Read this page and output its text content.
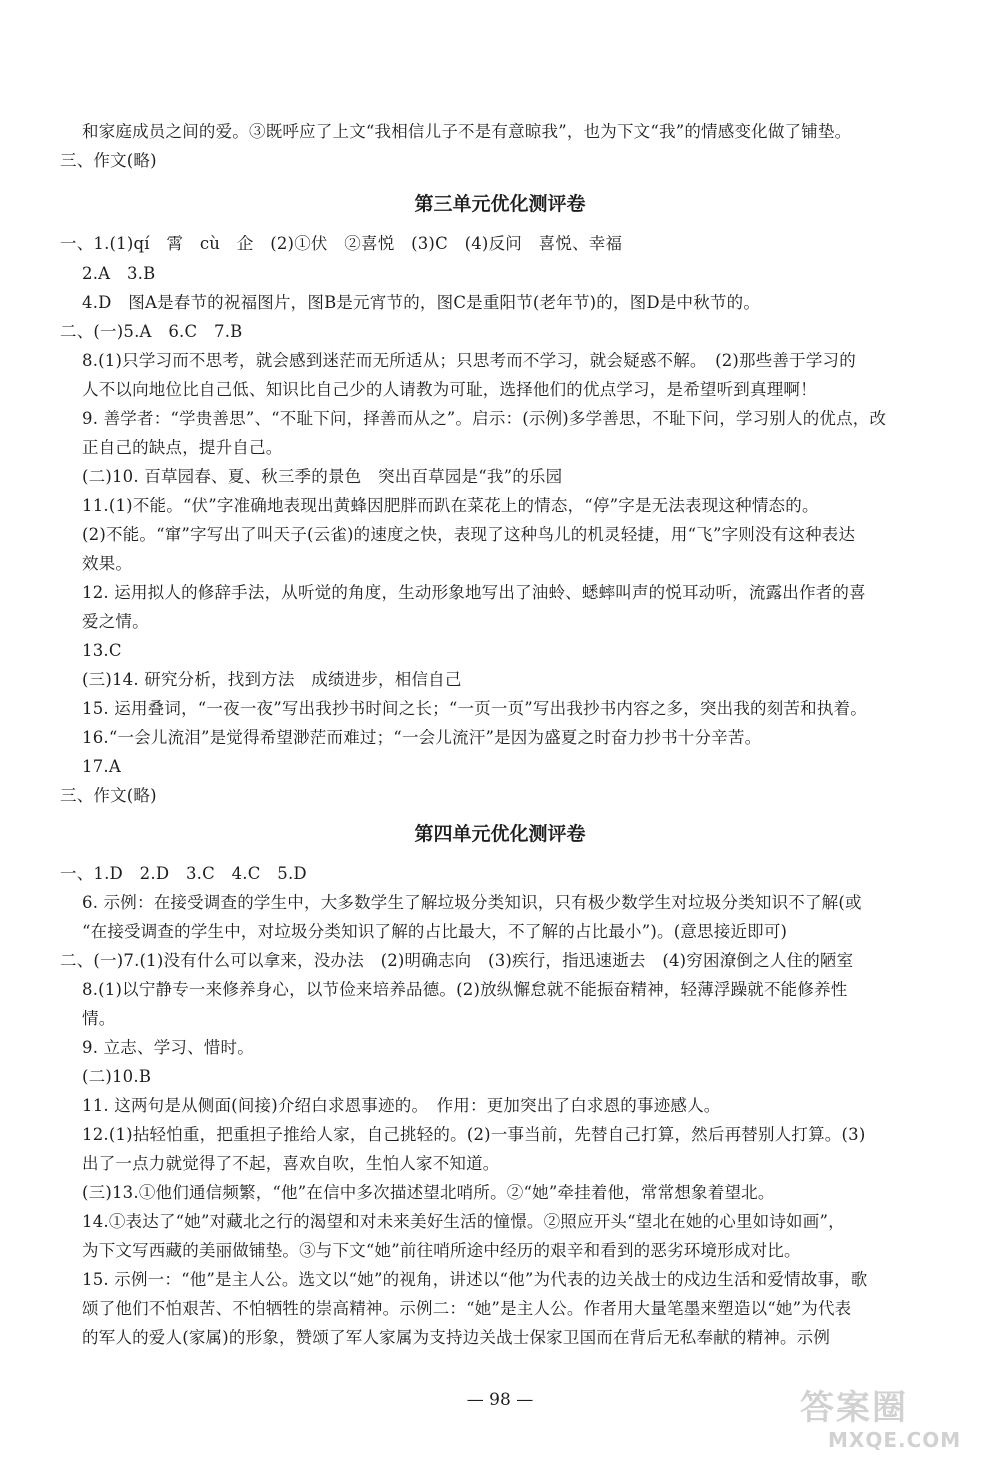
和家庭成员之间的爱。③既呼应了上文“我相信儿子不是有意晾我”，也为下文“我”的情感变化做了铺垫。
三、作文(略)
第三单元优化测评卷
一、1.(1)qí　霄　cù　企　(2)①伏　②喜悦　(3)C　(4)反问　喜悦、幸福
2.A　3.B
4.D　图A是春节的祝福图片，图B是元宵节的，图C是重阳节(老年节)的，图D是中秋节的。
二、(一)5.A　6.C　7.B
8.(1)只学习而不思考，就会感到迷茫而无所适从；只思考而不学习，就会疑惑不解。　(2)那些善于学习的
人不以向地位比自己低、知识比自己少的人请教为可耻，选择他们的优点学习，是希望听到真理啊！
9. 善学者：“学贵善思”、“不耻下问，择善而从之”。启示：(示例)多学善思，不耻下问，学习别人的优点，改
正自己的缺点，提升自己。
(二)10. 百草园春、夏、秋三季的景色　突出百草园是“我”的乐园
11.(1)不能。“伏”字准确地表现出黄蜂因肥胖而趴在菜花上的情态，“停”字是无法表现这种情态的。
(2)不能。“窜”字写出了叫天子(云雀)的速度之快，表现了这种鸟儿的机灵轻捷，用“飞”字则没有这种表达
效果。
12. 运用拟人的修辞手法，从听觉的角度，生动形象地写出了油蛉、蟋蟀叫声的悦耳动听，流露出作者的喜
爱之情。
13.C
(三)14. 研究分析，找到方法　成绩进步，相信自己
15. 运用叠词，“一夜一夜”写出我抄书时间之长；“一页一页”写出我抄书内容之多，突出我的刻苦和执着。
16.“一会儿流泪”是觉得希望渺茫而难过；“一会儿流汗”是因为盛夏之时奋力抄书十分辛苦。
17.A
三、作文(略)
第四单元优化测评卷
一、1.D　2.D　3.C　4.C　5.D
6. 示例：在接受调查的学生中，大多数学生了解垃圾分类知识，只有极少数学生对垃圾分类知识不了解(或
“在接受调查的学生中，对垃圾分类知识了解的占比最大，不了解的占比最小”)。(意思接近即可)
二、(一)7.(1)没有什么可以拿来，没办法　(2)明确志向　(3)疾行，指迅速逝去　(4)穷困潦倒之人住的陋室
8.(1)以宁静专一来修养身心，以节俭来培养品德。(2)放纵懈怠就不能振奋精神，轻薄浮躁就不能修养性
情。
9. 立志、学习、惜时。
(二)10.B
11. 这两句是从侧面(间接)介绍白求恩事迹的。　作用：更加突出了白求恩的事迹感人。
12.(1)拈轻怕重，把重担子推给人家，自己挑轻的。(2)一事当前，先替自己打算，然后再替别人打算。(3)
出了一点力就觉得了不起，喜欢自吹，生怕人家不知道。
(三)13.①他们通信频繁，“他”在信中多次描述望北哨所。②“她”牵挂着他，常常想象着望北。
14.①表达了“她”对藏北之行的渴望和对未来美好生活的憧憬。②照应开头“望北在她的心里如诗如画”，
为下文写西藏的美丽做铺垫。③与下文“她”前往哨所途中经历的艰辛和看到的恶劣环境形成对比。
15. 示例一：“他”是主人公。选文以“她”的视角，讲述以“他”为代表的边关战士的戍边生活和爱情故事，歌
颂了他们不怕艰苦、不怕牺牲的崇高精神。示例二：“她”是主人公。作者用大量笔墨来塑造以“她”为代表
的军人的爱人(家属)的形象，赞颂了军人家属为支持边关战士保家卫国而在背后无私奉献的精神。示例
— 98 —	答案圈
MXQE.COM
